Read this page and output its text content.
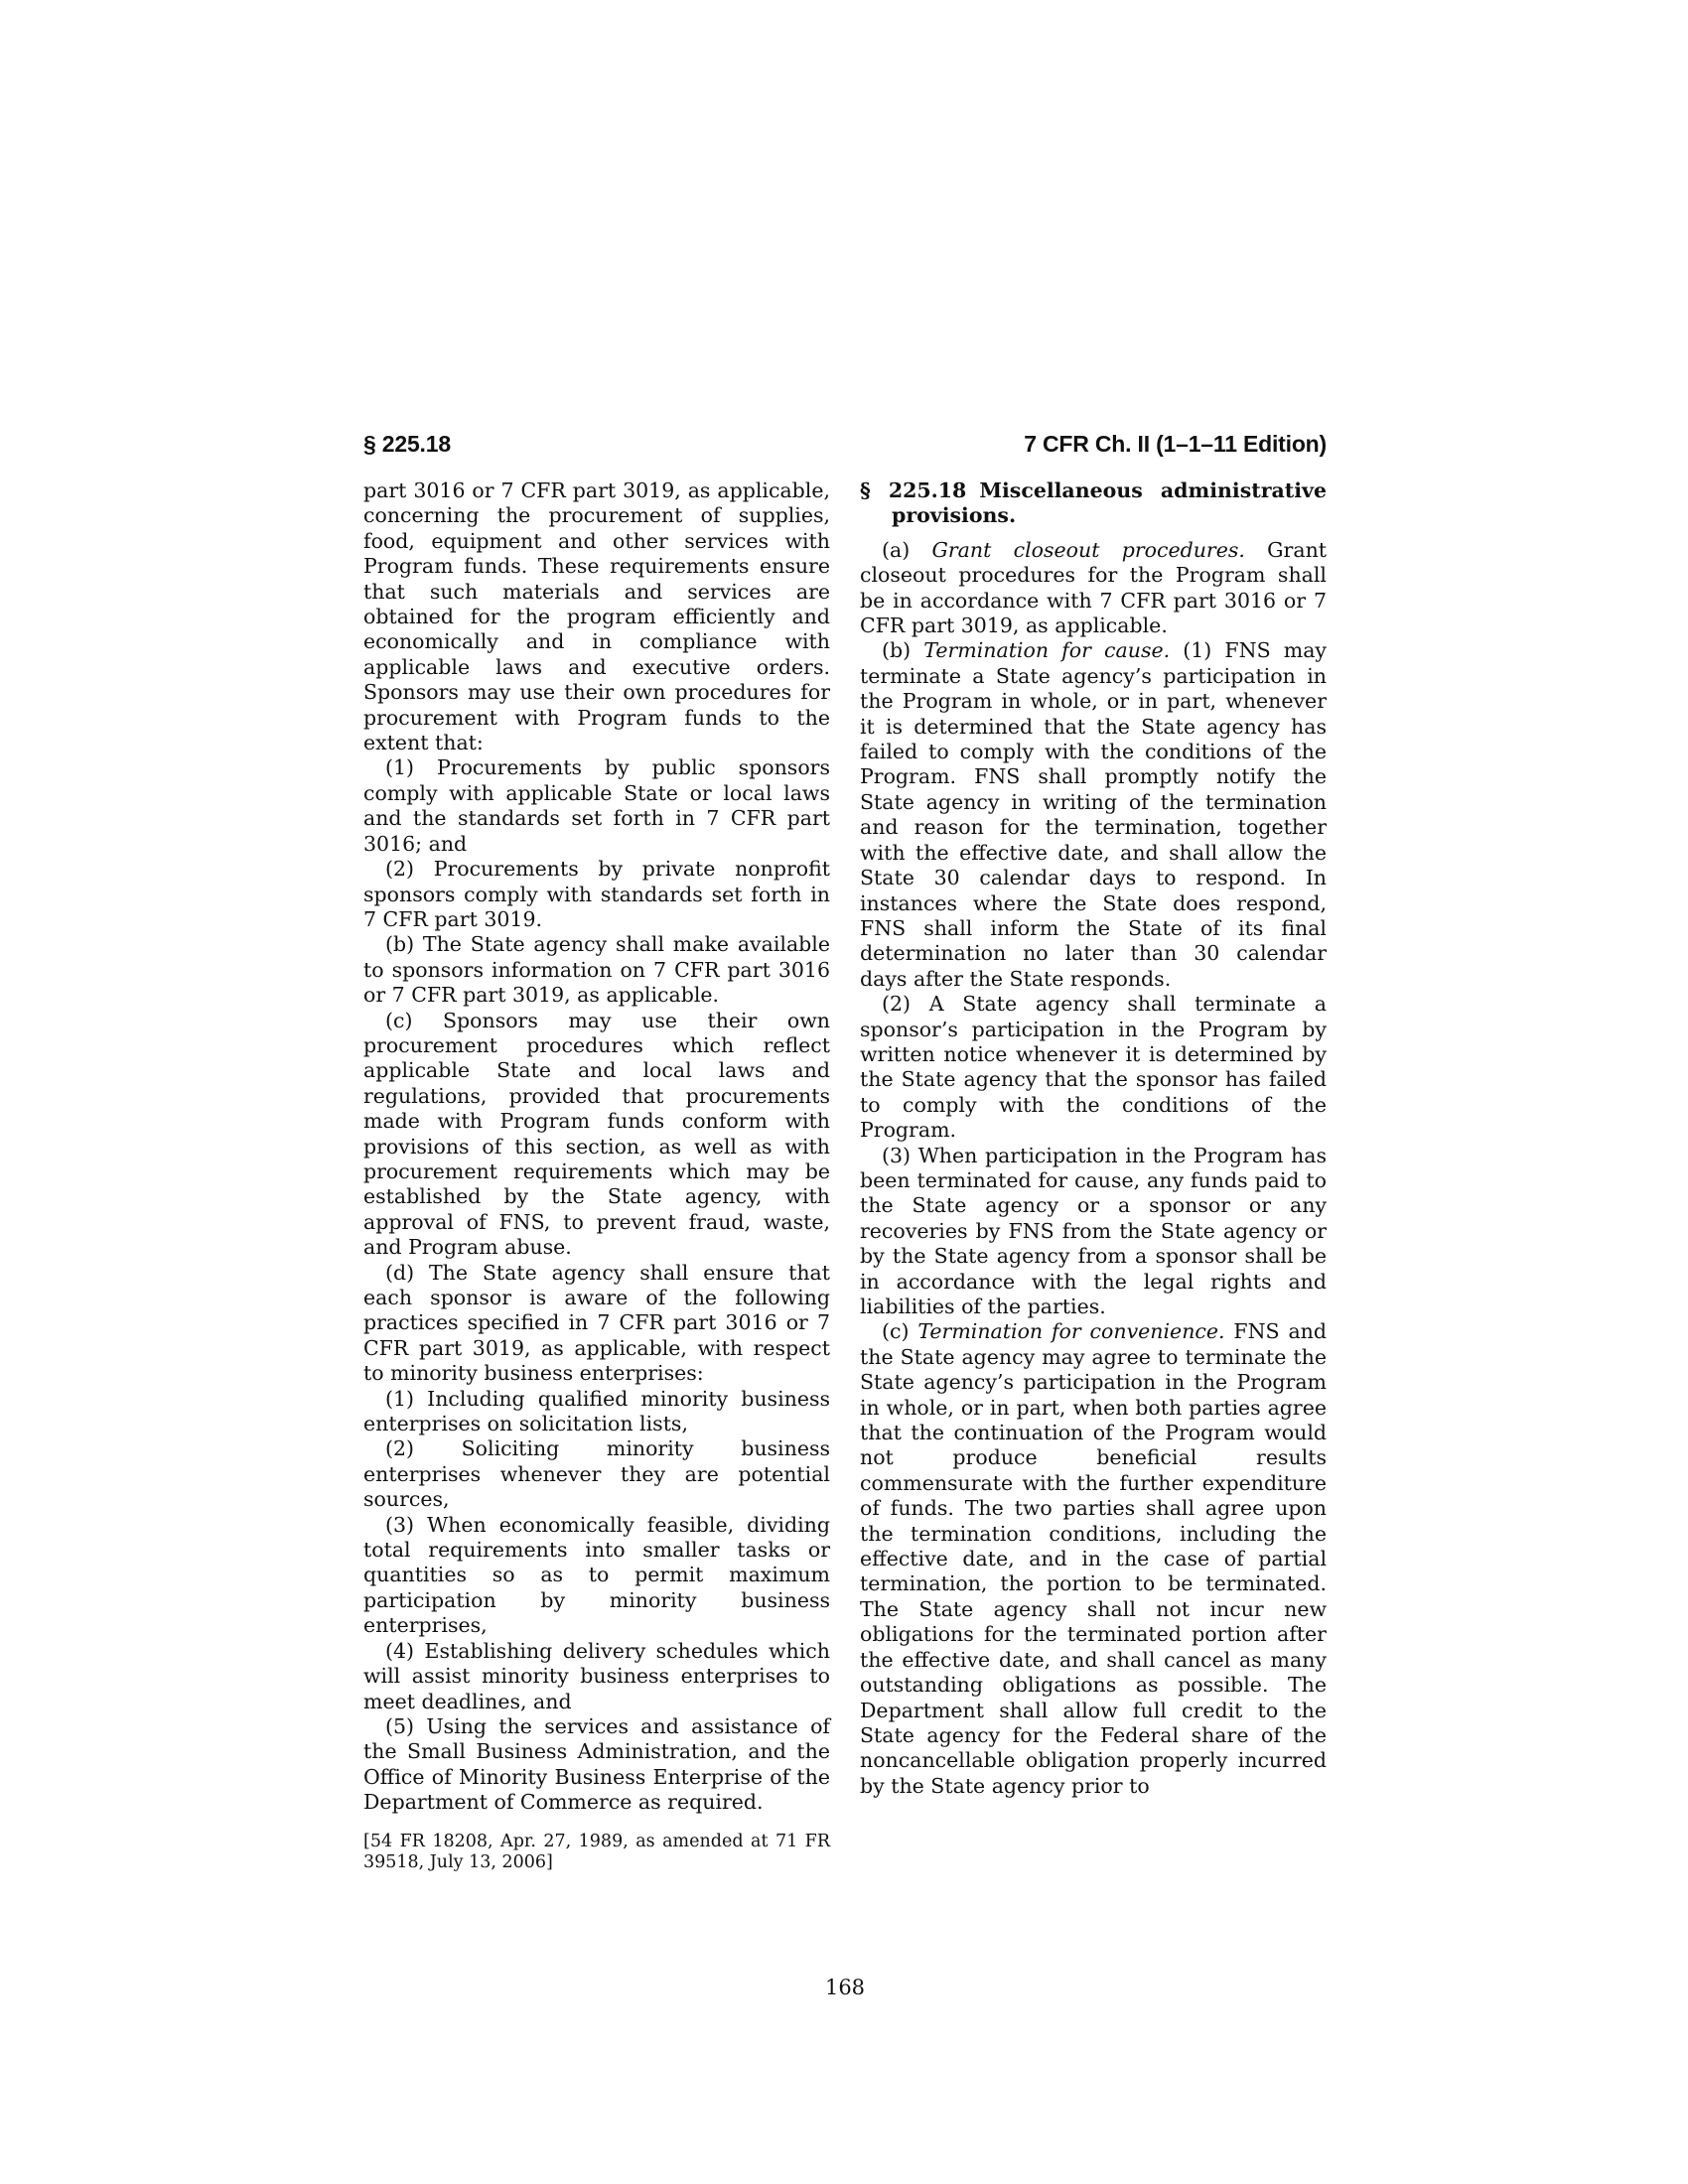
§ 225.18	7 CFR Ch. II (1–1–11 Edition)

part 3016 or 7 CFR part 3019, as applicable, concerning the procurement of supplies, food, equipment and other services with Program funds. These requirements ensure that such materials and services are obtained for the program efficiently and economically and in compliance with applicable laws and executive orders. Sponsors may use their own procedures for procurement with Program funds to the extent that:

(1) Procurements by public sponsors comply with applicable State or local laws and the standards set forth in 7 CFR part 3016; and

(2) Procurements by private nonprofit sponsors comply with standards set forth in 7 CFR part 3019.

(b) The State agency shall make available to sponsors information on 7 CFR part 3016 or 7 CFR part 3019, as applicable.

(c) Sponsors may use their own procurement procedures which reflect applicable State and local laws and regulations, provided that procurements made with Program funds conform with provisions of this section, as well as with procurement requirements which may be established by the State agency, with approval of FNS, to prevent fraud, waste, and Program abuse.

(d) The State agency shall ensure that each sponsor is aware of the following practices specified in 7 CFR part 3016 or 7 CFR part 3019, as applicable, with respect to minority business enterprises:

(1) Including qualified minority business enterprises on solicitation lists,

(2) Soliciting minority business enterprises whenever they are potential sources,

(3) When economically feasible, dividing total requirements into smaller tasks or quantities so as to permit maximum participation by minority business enterprises,

(4) Establishing delivery schedules which will assist minority business enterprises to meet deadlines, and

(5) Using the services and assistance of the Small Business Administration, and the Office of Minority Business Enterprise of the Department of Commerce as required.

[54 FR 18208, Apr. 27, 1989, as amended at 71 FR 39518, July 13, 2006]

§ 225.18 Miscellaneous administrative provisions.

(a) Grant closeout procedures. Grant closeout procedures for the Program shall be in accordance with 7 CFR part 3016 or 7 CFR part 3019, as applicable.

(b) Termination for cause. (1) FNS may terminate a State agency’s participation in the Program in whole, or in part, whenever it is determined that the State agency has failed to comply with the conditions of the Program. FNS shall promptly notify the State agency in writing of the termination and reason for the termination, together with the effective date, and shall allow the State 30 calendar days to respond. In instances where the State does respond, FNS shall inform the State of its final determination no later than 30 calendar days after the State responds.

(2) A State agency shall terminate a sponsor’s participation in the Program by written notice whenever it is determined by the State agency that the sponsor has failed to comply with the conditions of the Program.

(3) When participation in the Program has been terminated for cause, any funds paid to the State agency or a sponsor or any recoveries by FNS from the State agency or by the State agency from a sponsor shall be in accordance with the legal rights and liabilities of the parties.

(c) Termination for convenience. FNS and the State agency may agree to terminate the State agency’s participation in the Program in whole, or in part, when both parties agree that the continuation of the Program would not produce beneficial results commensurate with the further expenditure of funds. The two parties shall agree upon the termination conditions, including the effective date, and in the case of partial termination, the portion to be terminated. The State agency shall not incur new obligations for the terminated portion after the effective date, and shall cancel as many outstanding obligations as possible. The Department shall allow full credit to the State agency for the Federal share of the noncancellable obligation properly incurred by the State agency prior to

168
